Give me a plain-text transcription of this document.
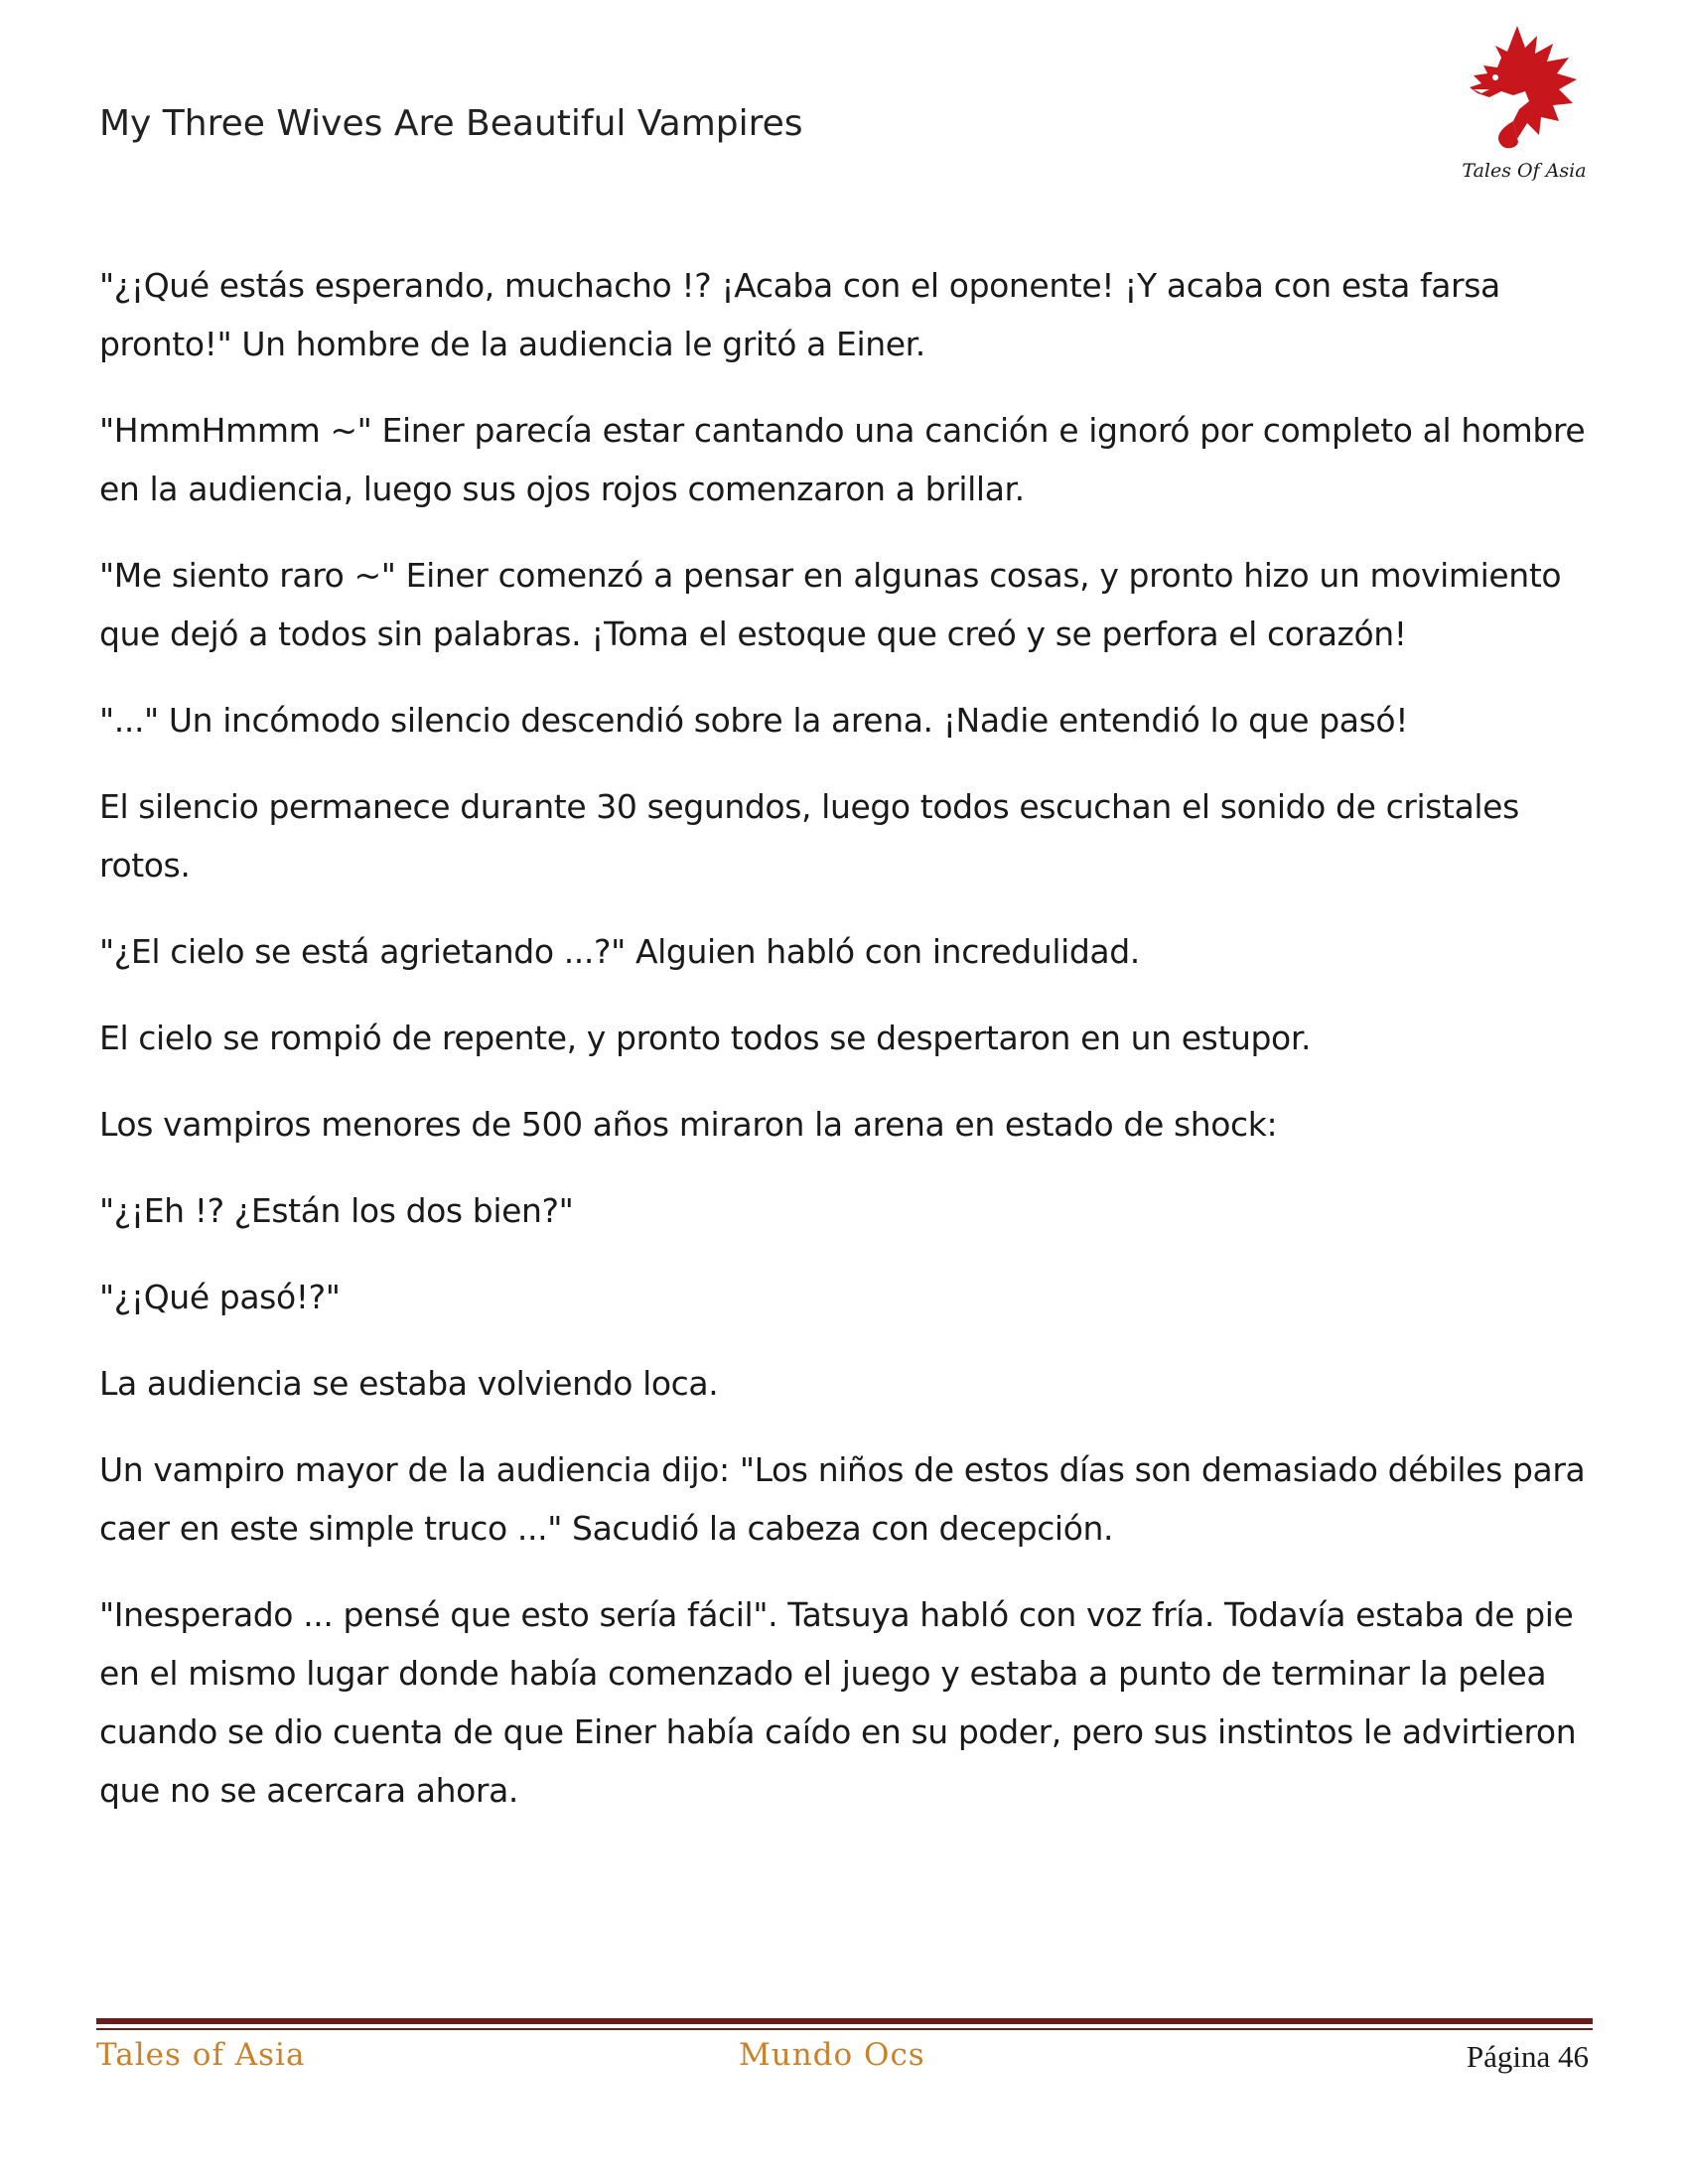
My Three Wives Are Beautiful Vampires
Tales Of Asia

"¿¡Qué estás esperando, muchacho !? ¡Acaba con el oponente! ¡Y acaba con esta farsa pronto!" Un hombre de la audiencia le gritó a Einer.

"HmmHmmm ~" Einer parecía estar cantando una canción e ignoró por completo al hombre en la audiencia, luego sus ojos rojos comenzaron a brillar.

"Me siento raro ~" Einer comenzó a pensar en algunas cosas, y pronto hizo un movimiento que dejó a todos sin palabras. ¡Toma el estoque que creó y se perfora el corazón!

"..." Un incómodo silencio descendió sobre la arena. ¡Nadie entendió lo que pasó!

El silencio permanece durante 30 segundos, luego todos escuchan el sonido de cristales rotos.

"¿El cielo se está agrietando ...?" Alguien habló con incredulidad.

El cielo se rompió de repente, y pronto todos se despertaron en un estupor.

Los vampiros menores de 500 años miraron la arena en estado de shock:

"¿¡Eh !? ¿Están los dos bien?"

"¿¡Qué pasó!?"

La audiencia se estaba volviendo loca.

Un vampiro mayor de la audiencia dijo: "Los niños de estos días son demasiado débiles para caer en este simple truco ..." Sacudió la cabeza con decepción.

"Inesperado ... pensé que esto sería fácil". Tatsuya habló con voz fría. Todavía estaba de pie en el mismo lugar donde había comenzado el juego y estaba a punto de terminar la pelea cuando se dio cuenta de que Einer había caído en su poder, pero sus instintos le advirtieron que no se acercara ahora.

Tales of Asia	Mundo Ocs	Página 46
